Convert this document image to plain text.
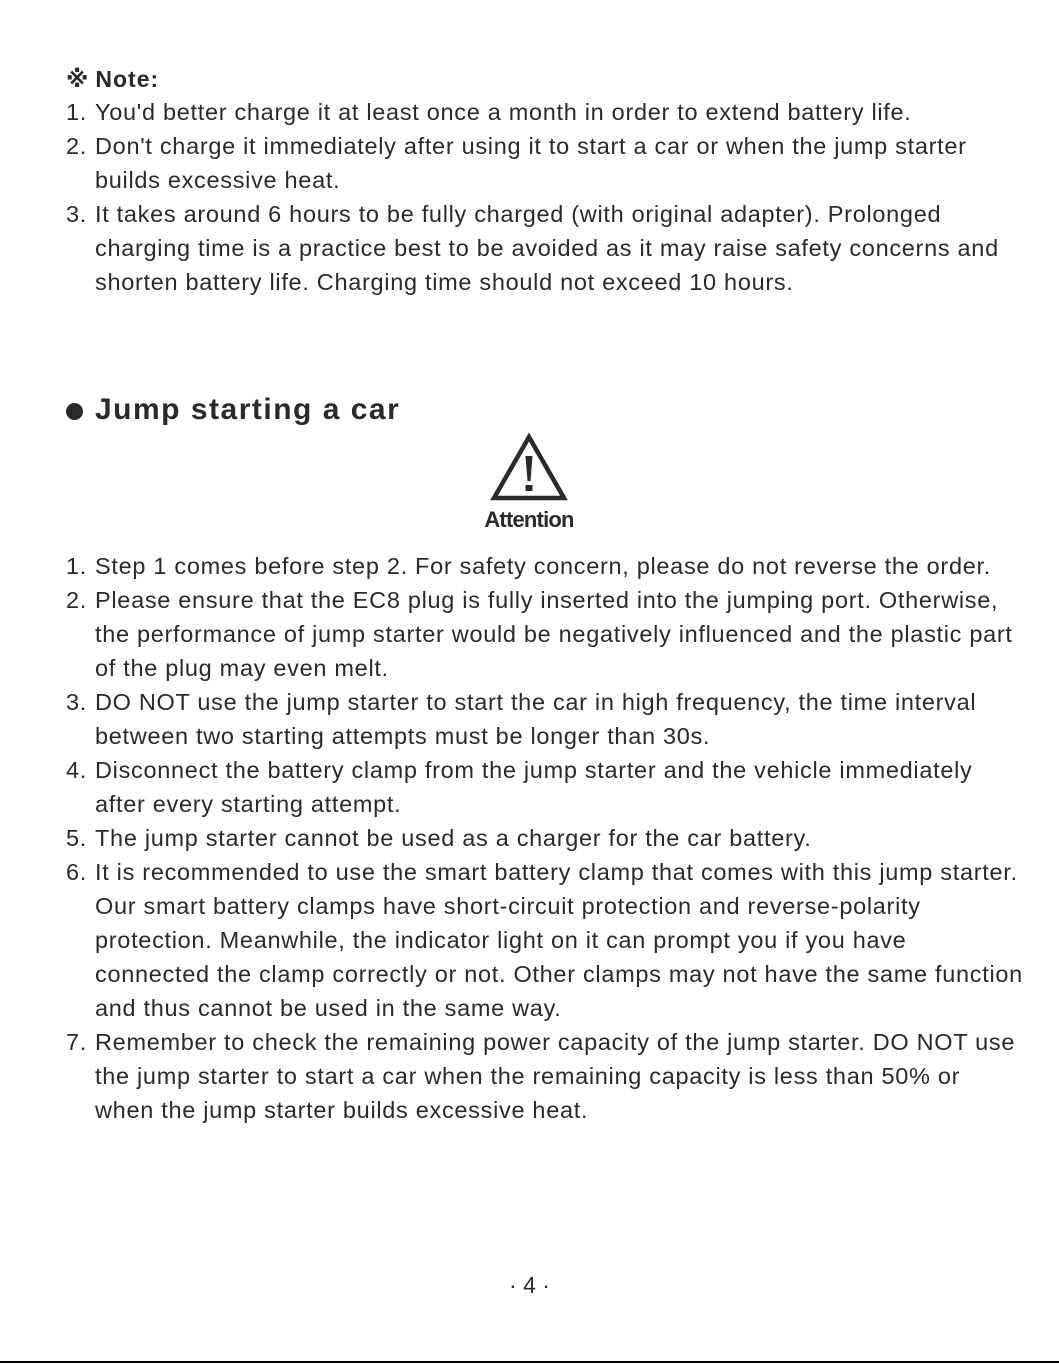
※ Note:
1. You'd better charge it at least once a month in order to extend battery life.
2. Don't charge it immediately after using it to start a car or when the jump starter builds excessive heat.
3. It takes around 6 hours to be fully charged (with original adapter). Prolonged charging time is a practice best to be avoided as it may raise safety concerns and shorten battery life. Charging time should not exceed 10 hours.
Jump starting a car
Attention
1. Step 1 comes before step 2. For safety concern, please do not reverse the order.
2. Please ensure that the EC8 plug is fully inserted into the jumping port. Otherwise, the performance of jump starter would be negatively influenced and the plastic part of the plug may even melt.
3. DO NOT use the jump starter to start the car in high frequency, the time interval between two starting attempts must be longer than 30s.
4. Disconnect the battery clamp from the jump starter and the vehicle immediately after every starting attempt.
5. The jump starter cannot be used as a charger for the car battery.
6. It is recommended to use the smart battery clamp that comes with this jump starter. Our smart battery clamps have short-circuit protection and reverse-polarity protection. Meanwhile, the indicator light on it can prompt you if you have connected the clamp correctly or not. Other clamps may not have the same function and thus cannot be used in the same way.
7. Remember to check the remaining power capacity of the jump starter. DO NOT use the jump starter to start a car when the remaining capacity is less than 50% or when the jump starter builds excessive heat.
· 4 ·
